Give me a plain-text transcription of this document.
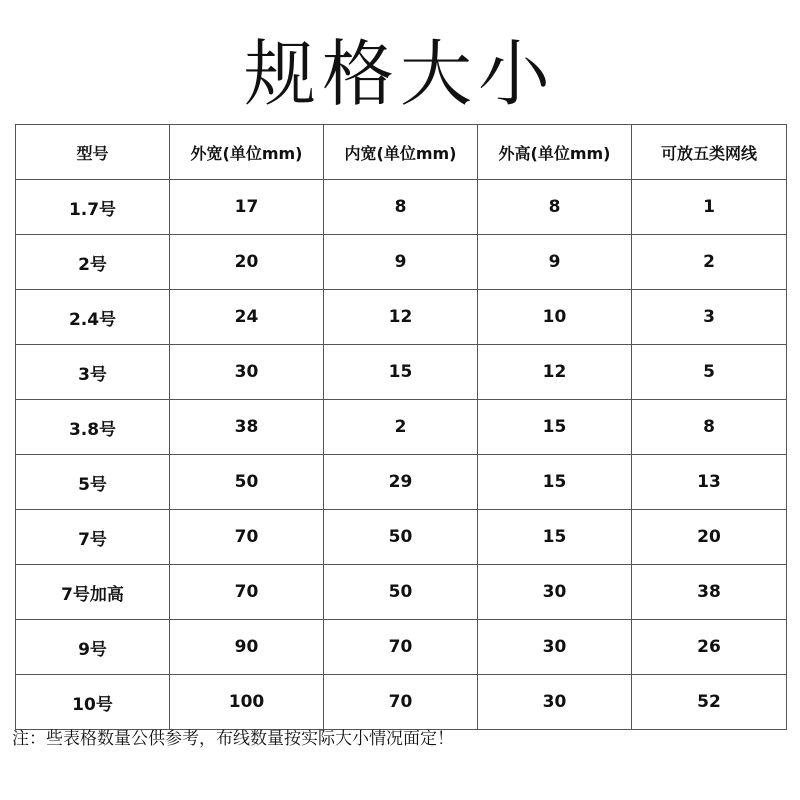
规格大小
型号	外宽(单位mm)	内宽(单位mm)	外高(单位mm)	可放五类网线
1.7号	17	8	8	1
2号	20	9	9	2
2.4号	24	12	10	3
3号	30	15	12	5
3.8号	38	2	15	8
5号	50	29	15	13
7号	70	50	15	20
7号加高	70	50	30	38
9号	90	70	30	26
10号	100	70	30	52
注：些表格数量公供参考，布线数量按实际大小情况面定！
